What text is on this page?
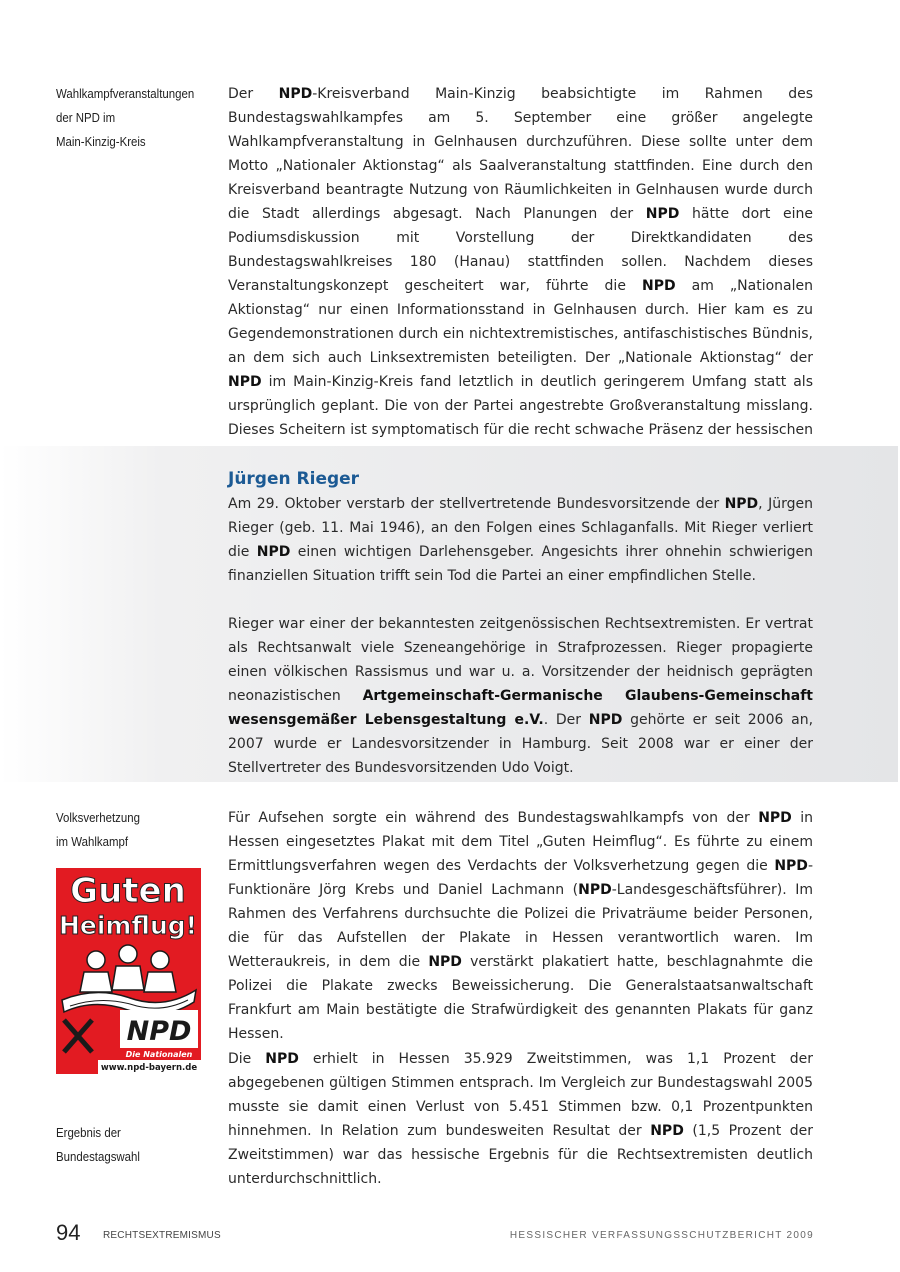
Wahlkampfveranstaltungen
der NPD im
Main-Kinzig-Kreis

Der NPD-Kreisverband Main-Kinzig beabsichtigte im Rahmen des Bundestagswahlkampfes am 5. September eine größer angelegte Wahlkampfveranstaltung in Gelnhausen durchzuführen. Diese sollte unter dem Motto „Nationaler Aktionstag“ als Saalveranstaltung stattfinden. Eine durch den Kreisverband beantragte Nutzung von Räumlichkeiten in Gelnhausen wurde durch die Stadt allerdings abgesagt. Nach Planungen der NPD hätte dort eine Podiumsdiskussion mit Vorstellung der Direktkandidaten des Bundestagswahlkreises 180 (Hanau) stattfinden sollen. Nachdem dieses Veranstaltungskonzept gescheitert war, führte die NPD am „Nationalen Aktionstag“ nur einen Informationsstand in Gelnhausen durch. Hier kam es zu Gegendemonstrationen durch ein nichtextremistisches, antifaschistisches Bündnis, an dem sich auch Linksextremisten beteiligten. Der „Nationale Aktionstag“ der NPD im Main-Kinzig-Kreis fand letztlich in deutlich geringerem Umfang statt als ursprünglich geplant. Die von der Partei angestrebte Großveranstaltung misslang. Dieses Scheitern ist symptomatisch für die recht schwache Präsenz der hessischen

Jürgen Rieger

Am 29. Oktober verstarb der stellvertretende Bundesvorsitzende der NPD, Jürgen Rieger (geb. 11. Mai 1946), an den Folgen eines Schlaganfalls. Mit Rieger verliert die NPD einen wichtigen Darlehensgeber. Angesichts ihrer ohnehin schwierigen finanziellen Situation trifft sein Tod die Partei an einer empfindlichen Stelle.

Rieger war einer der bekanntesten zeitgenössischen Rechtsextremisten. Er vertrat als Rechtsanwalt viele Szeneangehörige in Strafprozessen. Rieger propagierte einen völkischen Rassismus und war u. a. Vorsitzender der heidnisch geprägten neonazistischen Artgemeinschaft-Germanische Glaubens-Gemeinschaft wesensgemäßer Lebensgestaltung e.V.. Der NPD gehörte er seit 2006 an, 2007 wurde er Landesvorsitzender in Hamburg. Seit 2008 war er einer der Stellvertreter des Bundesvorsitzenden Udo Voigt.

Volksverhetzung
im Wahlkampf

Für Aufsehen sorgte ein während des Bundestagswahlkampfs von der NPD in Hessen eingesetztes Plakat mit dem Titel „Guten Heimflug“. Es führte zu einem Ermittlungsverfahren wegen des Verdachts der Volksverhetzung gegen die NPD-Funktionäre Jörg Krebs und Daniel Lachmann (NPD-Landesgeschäftsführer). Im Rahmen des Verfahrens durchsuchte die Polizei die Privaträume beider Personen, die für das Aufstellen der Plakate in Hessen verantwortlich waren. Im Wetteraukreis, in dem die NPD verstärkt plakatiert hatte, beschlagnahmte die Polizei die Plakate zwecks Beweissicherung. Die Generalstaatsanwaltschaft Frankfurt am Main bestätigte die Strafwürdigkeit des genannten Plakats für ganz Hessen.

Guten
Heimflug!
NPD
Die Nationalen
www.npd-bayern.de
Ergebnis der Bundestagswahl

Die NPD erhielt in Hessen 35.929 Zweitstimmen, was 1,1 Prozent der abgegebenen gültigen Stimmen entsprach. Im Vergleich zur Bundestagswahl 2005 musste sie damit einen Verlust von 5.451 Stimmen bzw. 0,1 Prozentpunkten hinnehmen. In Relation zum bundesweiten Resultat der NPD (1,5 Prozent der Zweitstimmen) war das hessische Ergebnis für die Rechtsextremisten deutlich unterdurchschnittlich.

94 RECHTSEXTREMISMUS	HESSISCHER VERFASSUNGSSCHUTZBERICHT 2009
